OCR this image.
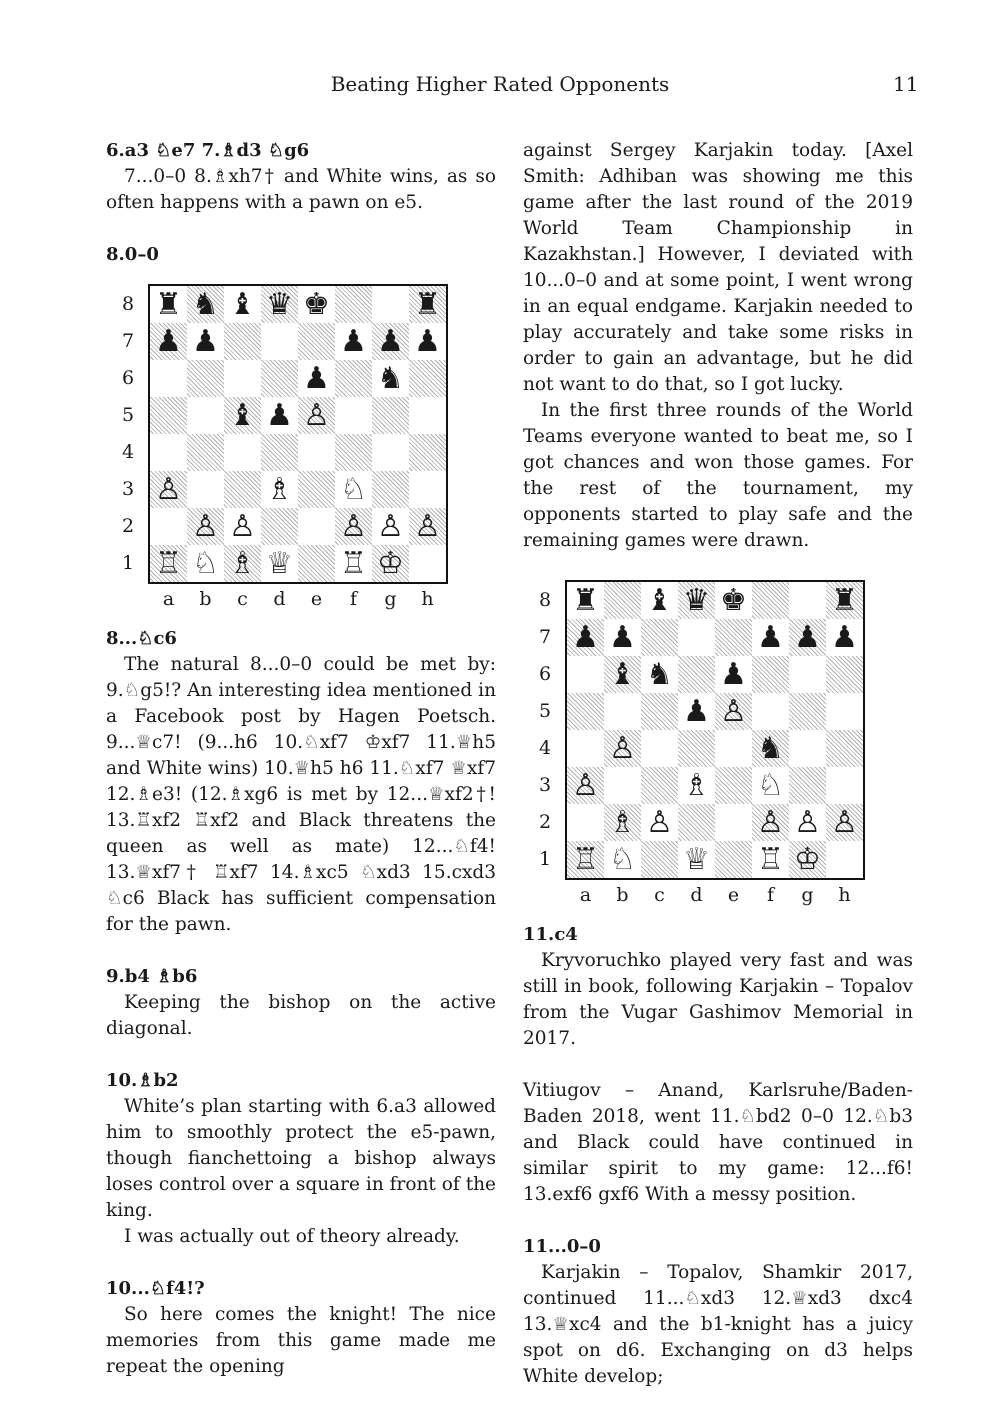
Beating Higher Rated Opponents	11

6.a3 ♘e7 7.♗d3 ♘g6

7...0–0 8.♗xh7† and White wins, as so often happens with a pawn on e5.

8.0–0

8
7
6
5
4
3
2
1
♜ ♞ ♝ ♛ ♚	♜
♟ ♟	♟ ♟ ♟
♟ ♞
♝ ♟ ♙
♙	♗ ♘
♙ ♙	♙ ♙ ♙
♖ ♘ ♗ ♕ ♖ ♔
a	b	c	d	e	f	g	h

8...♘c6

The natural 8...0–0 could be met by: 9.♘g5!? An interesting idea mentioned in a Facebook post by Hagen Poetsch. 9...♕c7! (9...h6 10.♘xf7 ♔xf7 11.♕h5 and White wins) 10.♕h5 h6 11.♘xf7 ♕xf7 12.♗e3! (12.♗xg6 is met by 12...♕xf2†! 13.♖xf2 ♖xf2 and Black threatens the queen as well as mate) 12...♘f4! 13.♕xf7† ♖xf7 14.♗xc5 ♘xd3 15.cxd3 ♘c6 Black has sufficient compensation for the pawn.

9.b4 ♗b6

Keeping the bishop on the active diagonal.

10.♗b2

White’s plan starting with 6.a3 allowed him to smoothly protect the e5-pawn, though fianchettoing a bishop always loses control over a square in front of the king.

I was actually out of theory already.

10...♘f4!?

So here comes the knight! The nice memories from this game made me repeat the opening

against Sergey Karjakin today. [Axel Smith: Adhiban was showing me this game after the last round of the 2019 World Team Championship in Kazakhstan.] However, I deviated with 10...0–0 and at some point, I went wrong in an equal endgame. Karjakin needed to play accurately and take some risks in order to gain an advantage, but he did not want to do that, so I got lucky.

In the first three rounds of the World Teams everyone wanted to beat me, so I got chances and won those games. For the rest of the tournament, my opponents started to play safe and the remaining games were drawn.

8
7
6
5
4
3
2
1
♜ ♝ ♛ ♚	♜
♟ ♟	♟ ♟ ♟
♝ ♞ ♟
♟ ♙
♙	♞
♙	♗ ♘
♗ ♙	♙ ♙ ♙
♖ ♘ ♕ ♖ ♔
a	b	c	d	e	f	g	h

11.c4

Kryvoruchko played very fast and was still in book, following Karjakin – Topalov from the Vugar Gashimov Memorial in 2017.

Vitiugov – Anand, Karlsruhe/Baden-Baden 2018, went 11.♘bd2 0–0 12.♘b3 and Black could have continued in similar spirit to my game: 12...f6! 13.exf6 gxf6 With a messy position.

11...0–0

Karjakin – Topalov, Shamkir 2017, continued 11...♘xd3 12.♕xd3 dxc4 13.♕xc4 and the b1-knight has a juicy spot on d6. Exchanging on d3 helps White develop;
